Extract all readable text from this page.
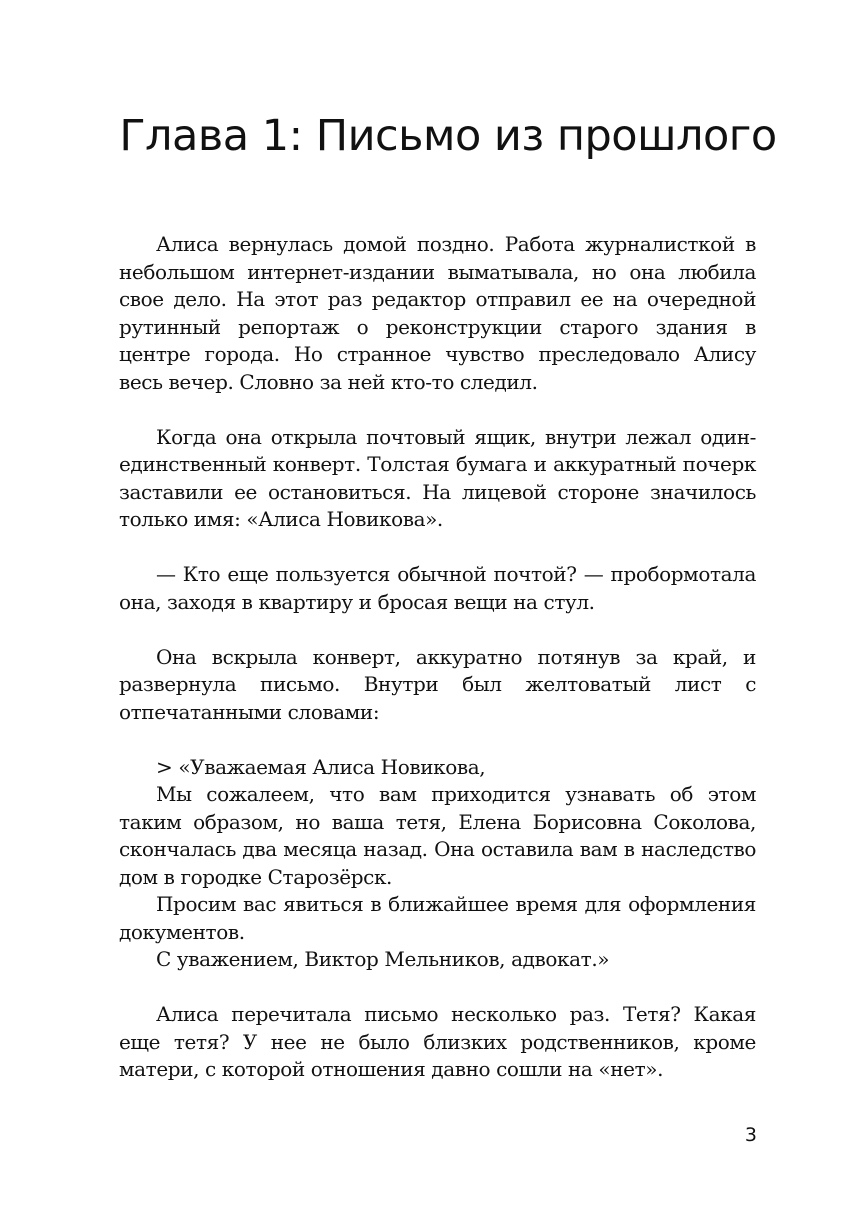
Глава 1: Письмо из прошлого

Алиса вернулась домой поздно. Работа журналисткой в небольшом интернет-издании выматывала, но она любила свое дело. На этот раз редактор отправил ее на очередной рутинный репортаж о реконструкции старого здания в центре города. Но странное чувство преследовало Алису весь вечер. Словно за ней кто-то следил.

Когда она открыла почтовый ящик, внутри лежал один-единственный конверт. Толстая бумага и аккуратный почерк заставили ее остановиться. На лицевой стороне значилось только имя: «Алиса Новикова».

— Кто еще пользуется обычной почтой? — пробормотала она, заходя в квартиру и бросая вещи на стул.

Она вскрыла конверт, аккуратно потянув за край, и развернула письмо. Внутри был желтоватый лист с отпечатанными словами:

> «Уважаемая Алиса Новикова,
Мы сожалеем, что вам приходится узнавать об этом таким образом, но ваша тетя, Елена Борисовна Соколова, скончалась два месяца назад. Она оставила вам в наследство дом в городке Старозёрск.
Просим вас явиться в ближайшее время для оформления документов.
С уважением, Виктор Мельников, адвокат.»

Алиса перечитала письмо несколько раз. Тетя? Какая еще тетя? У нее не было близких родственников, кроме матери, с которой отношения давно сошли на «нет».

3
